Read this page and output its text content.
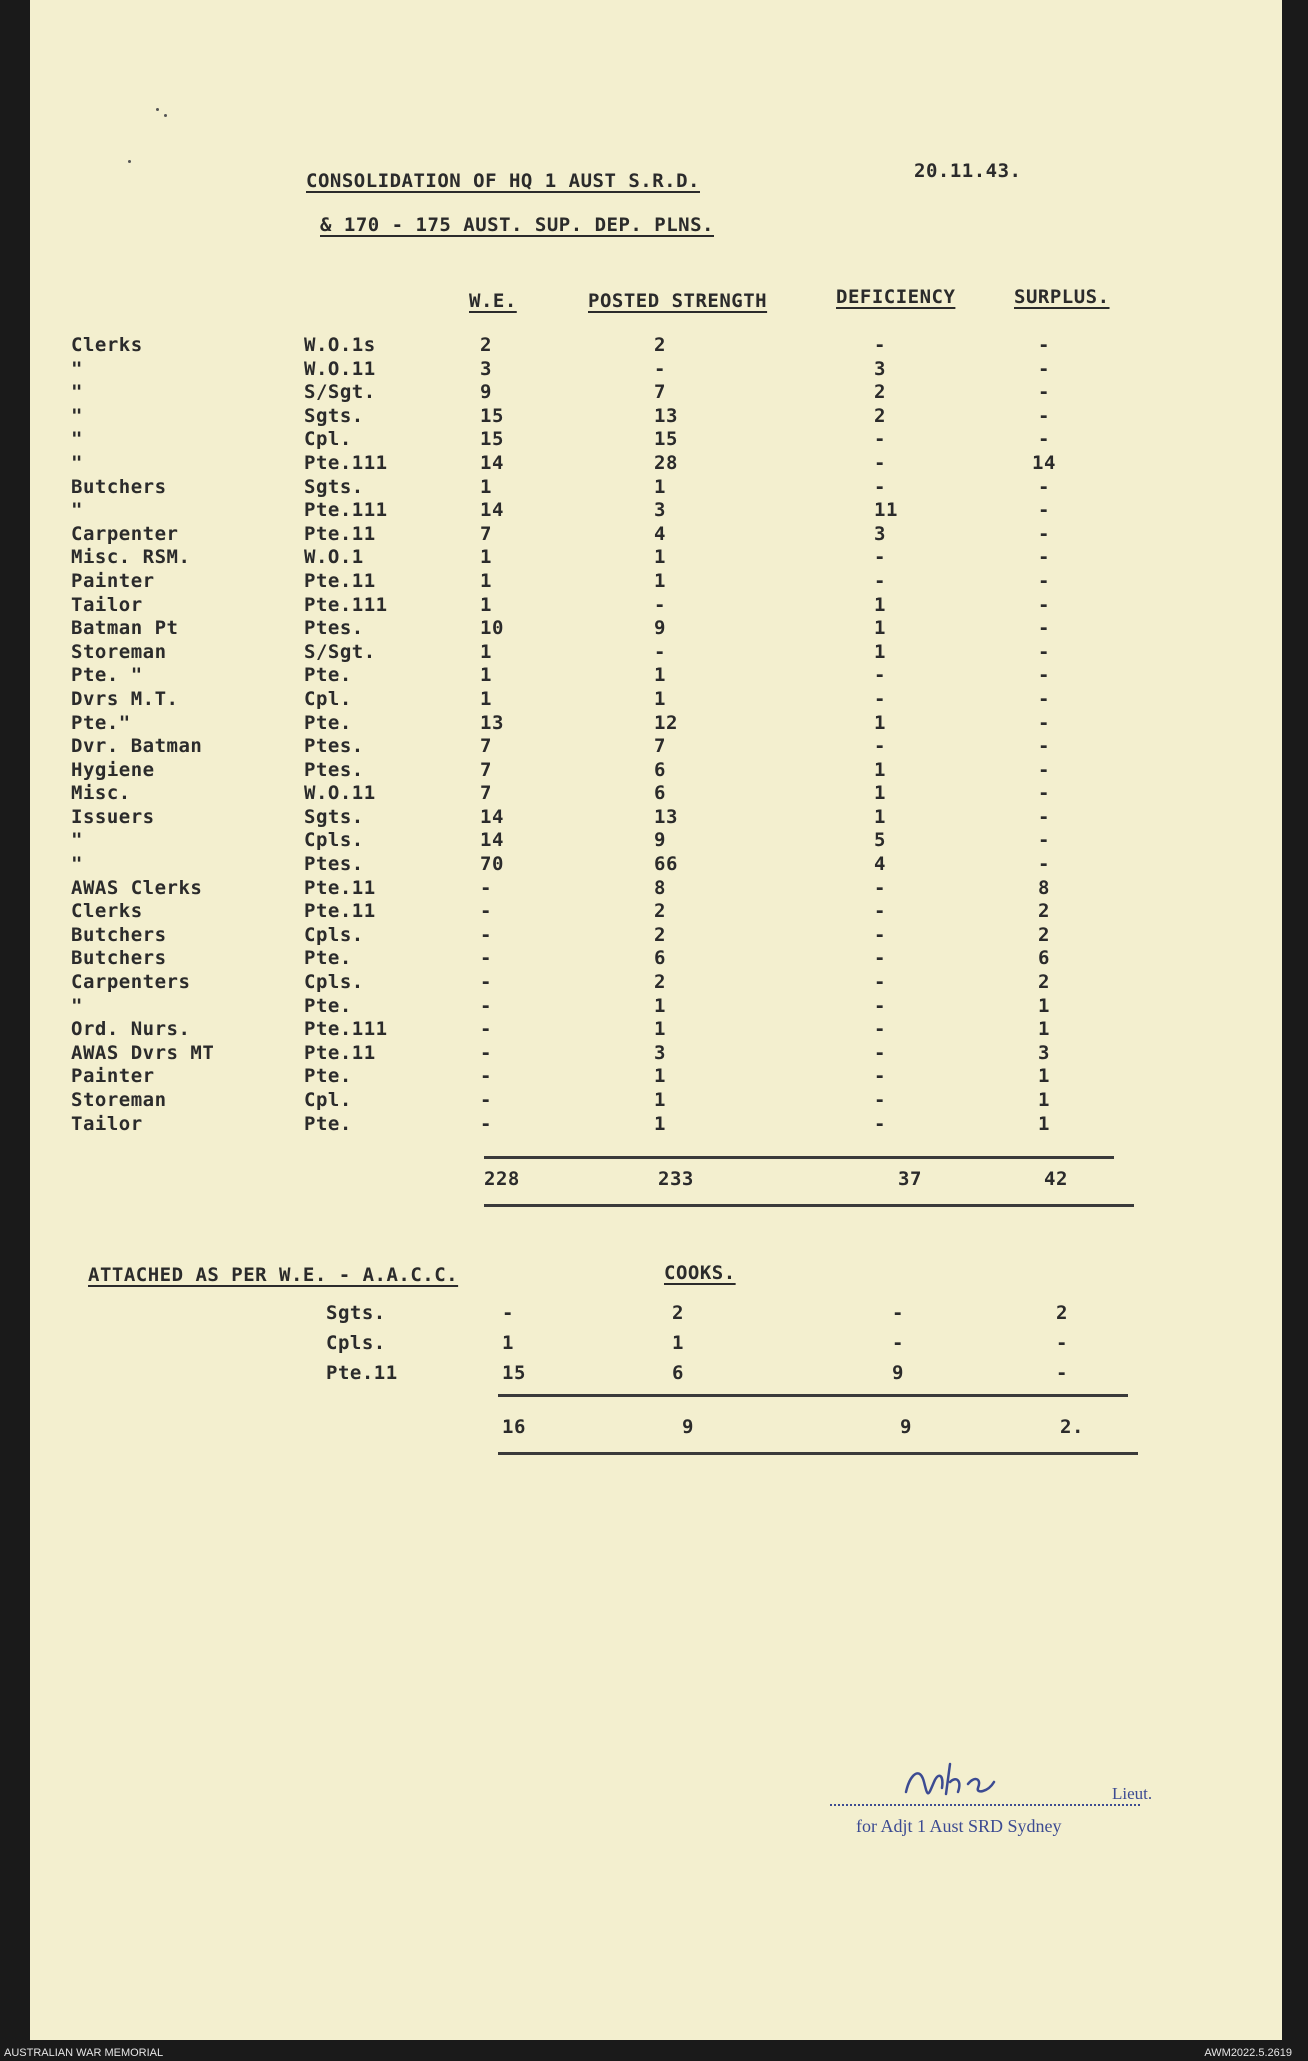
CONSOLIDATION OF HQ 1 AUST S.R.D.	20.11.43.
& 170 - 175 AUST. SUP. DEP. PLNS.
W.E.	POSTED STRENGTH	DEFICIENCY	SURPLUS.
Clerks	W.O.1s	2	2	-	-
"	W.O.11	3	-	3	-
"	S/Sgt.	9	7	2	-
"	Sgts.	15	13	2	-
"	Cpl.	15	15	-	-
"	Pte.111	14	28	-	14
Butchers	Sgts.	1	1	-	-
"	Pte.111	14	3	11	-
Carpenter	Pte.11	7	4	3	-
Misc. RSM.	W.O.1	1	1	-	-
Painter	Pte.11	1	1	-	-
Tailor	Pte.111	1	-	1	-
Batman Pt	Ptes.	10	9	1	-
Storeman	S/Sgt.	1	-	1	-
Pte. "	Pte.	1	1	-	-
Dvrs M.T.	Cpl.	1	1	-	-
Pte."	Pte.	13	12	1	-
Dvr. Batman	Ptes.	7	7	-	-
Hygiene	Ptes.	7	6	1	-
Misc.	W.O.11	7	6	1	-
Issuers	Sgts.	14	13	1	-
"	Cpls.	14	9	5	-
"	Ptes.	70	66	4	-
AWAS Clerks	Pte.11	-	8	-	8
Clerks	Pte.11	-	2	-	2
Butchers	Cpls.	-	2	-	2
Butchers	Pte.	-	6	-	6
Carpenters	Cpls.	-	2	-	2
"	Pte.	-	1	-	1
Ord. Nurs.	Pte.111	-	1	-	1
AWAS Dvrs MT	Pte.11	-	3	-	3
Painter	Pte.	-	1	-	1
Storeman	Cpl.	-	1	-	1
Tailor	Pte.	-	1	-	1
228	233	37	42
ATTACHED AS PER W.E. - A.A.C.C.	COOKS.
Sgts.	-	2	-	2
Cpls.	1	1	-	-
Pte.11	15	6	9	-
16	9	9	2.
Lieut.
for Adjt 1 Aust SRD Sydney
AUSTRALIAN WAR MEMORIAL	AWM2022.5.2619
